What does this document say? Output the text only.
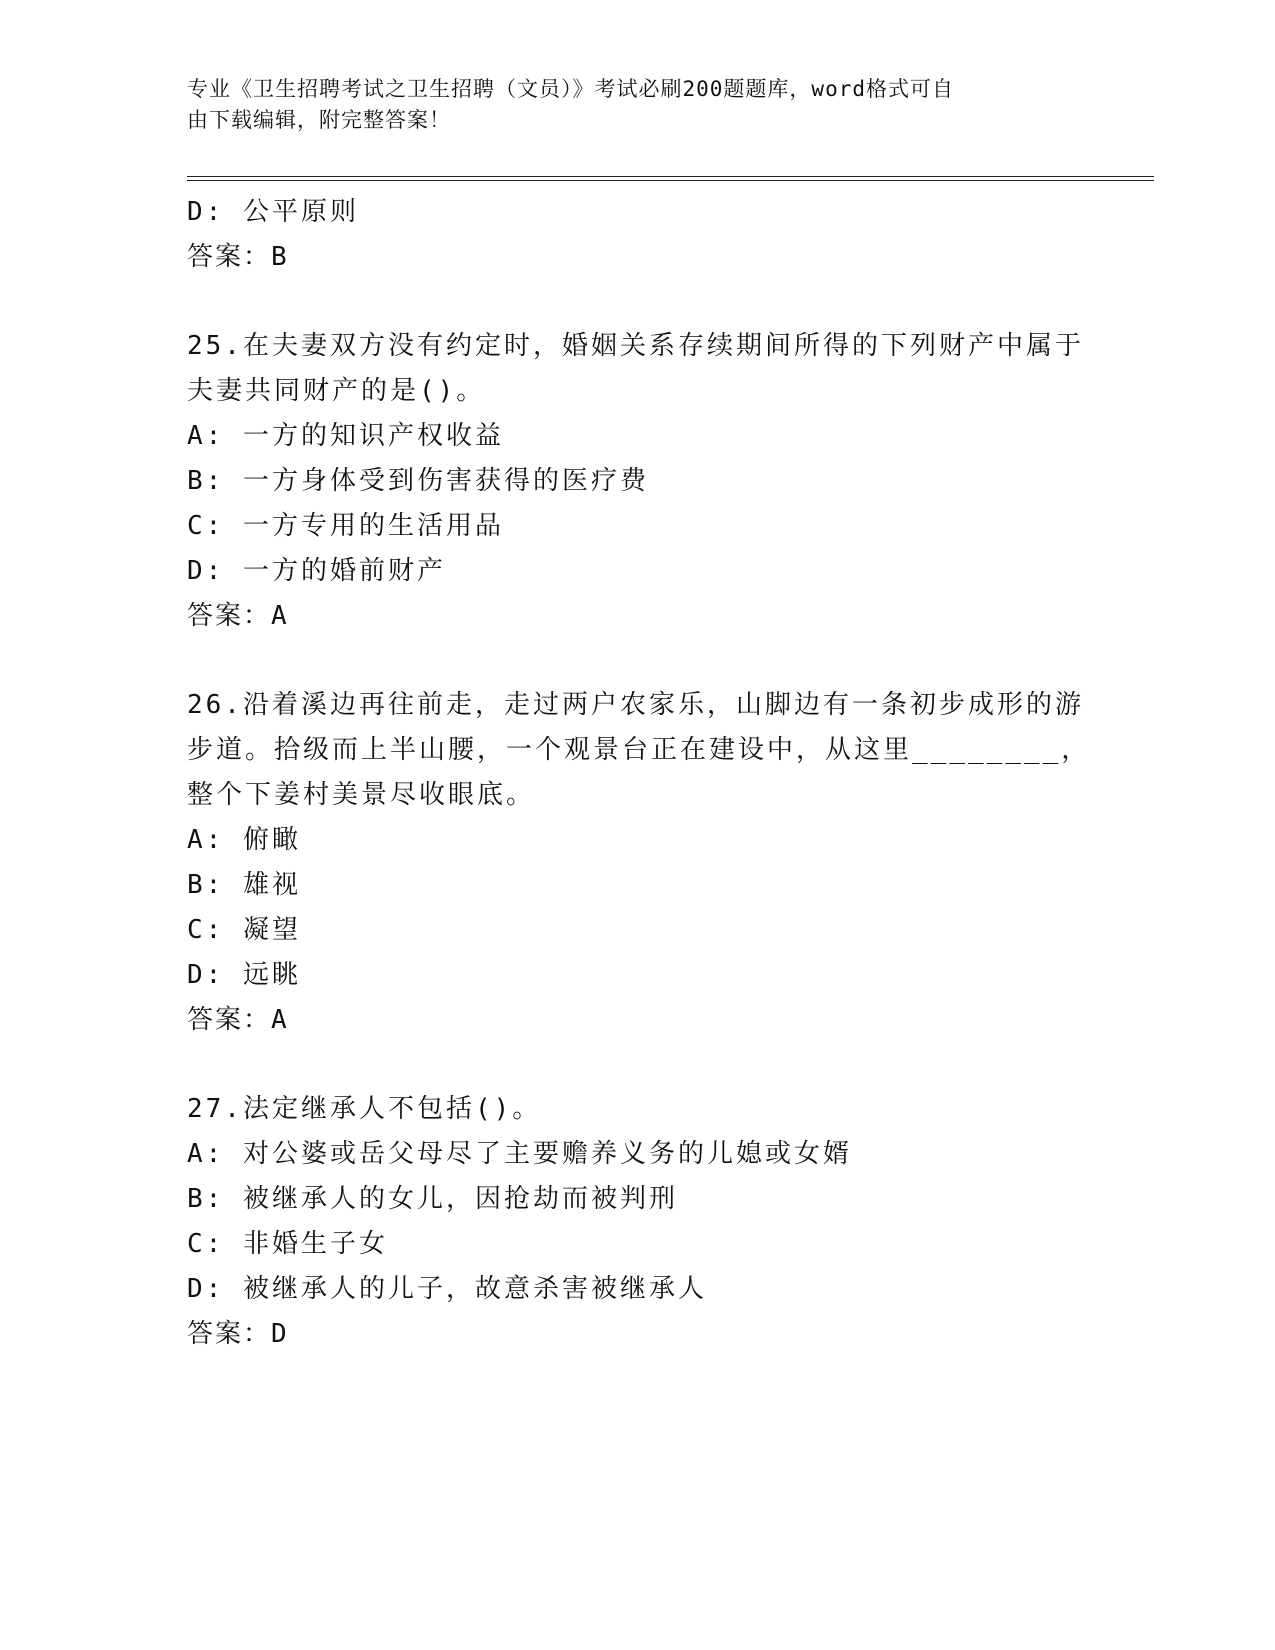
专业《卫生招聘考试之卫生招聘（文员）》考试必刷200题题库，word格式可自
由下载编辑，附完整答案！
D: 公平原则
答案：B
25.在夫妻双方没有约定时，婚姻关系存续期间所得的下列财产中属于
夫妻共同财产的是()。
A: 一方的知识产权收益
B: 一方身体受到伤害获得的医疗费
C: 一方专用的生活用品
D: 一方的婚前财产
答案：A
26.沿着溪边再往前走，走过两户农家乐，山脚边有一条初步成形的游
步道。拾级而上半山腰，一个观景台正在建设中，从这里________，
整个下姜村美景尽收眼底。
A: 俯瞰
B: 雄视
C: 凝望
D: 远眺
答案：A
27.法定继承人不包括()。
A: 对公婆或岳父母尽了主要赡养义务的儿媳或女婿
B: 被继承人的女儿，因抢劫而被判刑
C: 非婚生子女
D: 被继承人的儿子，故意杀害被继承人
答案：D
